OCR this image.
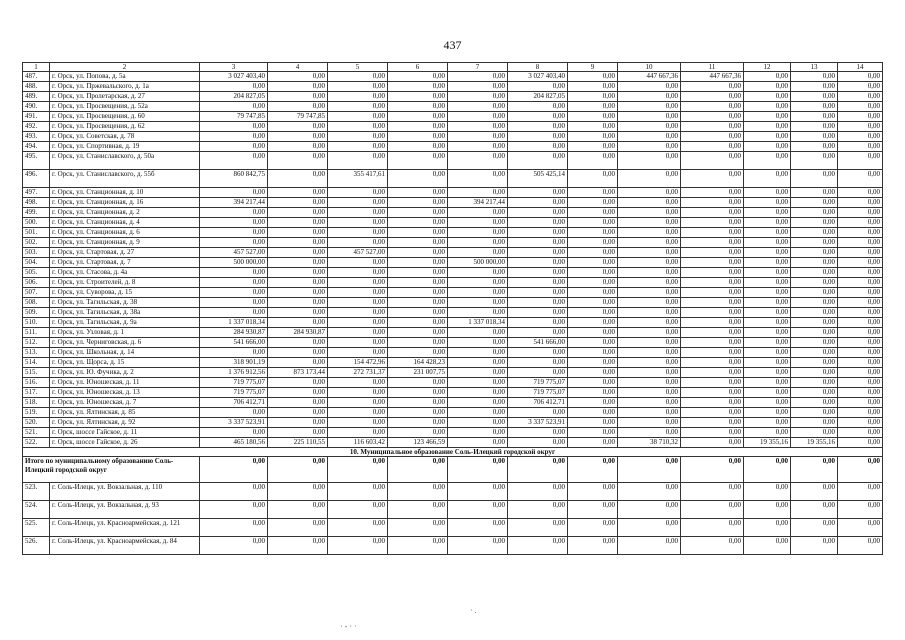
437
1	2	3	4	5	6	7	8	9	10	11	12	13	14
487.	г. Орск, ул. Попова, д. 5а	3 027 403,40	0,00	0,00	0,00	0,00	3 027 403,40	0,00	447 667,36	447 667,36	0,00	0,00	0,00
488.	г. Орск, ул. Пржевальского, д. 1а	0,00	0,00	0,00	0,00	0,00	0,00	0,00	0,00	0,00	0,00	0,00	0,00
489.	г. Орск, ул. Пролетарская, д. 27	204 827,05	0,00	0,00	0,00	0,00	204 827,05	0,00	0,00	0,00	0,00	0,00	0,00
490.	г. Орск, ул. Просвещения, д. 52а	0,00	0,00	0,00	0,00	0,00	0,00	0,00	0,00	0,00	0,00	0,00	0,00
491.	г. Орск, ул. Просвещения, д. 60	79 747,85	79 747,85	0,00	0,00	0,00	0,00	0,00	0,00	0,00	0,00	0,00	0,00
492.	г. Орск, ул. Просвещения, д. 62	0,00	0,00	0,00	0,00	0,00	0,00	0,00	0,00	0,00	0,00	0,00	0,00
493.	г. Орск, ул. Советская, д. 78	0,00	0,00	0,00	0,00	0,00	0,00	0,00	0,00	0,00	0,00	0,00	0,00
494.	г. Орск, ул. Спортивная, д. 19	0,00	0,00	0,00	0,00	0,00	0,00	0,00	0,00	0,00	0,00	0,00	0,00
495.	г. Орск, ул. Станиславского, д. 50а	0,00	0,00	0,00	0,00	0,00	0,00	0,00	0,00	0,00	0,00	0,00	0,00
496.	г. Орск, ул. Станиславского, д. 55б	860 842,75	0,00	355 417,61	0,00	0,00	505 425,14	0,00	0,00	0,00	0,00	0,00	0,00
497.	г. Орск, ул. Станционная, д. 10	0,00	0,00	0,00	0,00	0,00	0,00	0,00	0,00	0,00	0,00	0,00	0,00
498.	г. Орск, ул. Станционная, д. 16	394 217,44	0,00	0,00	0,00	394 217,44	0,00	0,00	0,00	0,00	0,00	0,00	0,00
499.	г. Орск, ул. Станционная, д. 2	0,00	0,00	0,00	0,00	0,00	0,00	0,00	0,00	0,00	0,00	0,00	0,00
500.	г. Орск, ул. Станционная, д. 4	0,00	0,00	0,00	0,00	0,00	0,00	0,00	0,00	0,00	0,00	0,00	0,00
501.	г. Орск, ул. Станционная, д. 6	0,00	0,00	0,00	0,00	0,00	0,00	0,00	0,00	0,00	0,00	0,00	0,00
502.	г. Орск, ул. Станционная, д. 9	0,00	0,00	0,00	0,00	0,00	0,00	0,00	0,00	0,00	0,00	0,00	0,00
503.	г. Орск, ул. Стартовая, д. 27	457 527,00	0,00	457 527,00	0,00	0,00	0,00	0,00	0,00	0,00	0,00	0,00	0,00
504.	г. Орск, ул. Стартовая, д. 7	500 000,00	0,00	0,00	0,00	500 000,00	0,00	0,00	0,00	0,00	0,00	0,00	0,00
505.	г. Орск, ул. Стасова, д. 4а	0,00	0,00	0,00	0,00	0,00	0,00	0,00	0,00	0,00	0,00	0,00	0,00
506.	г. Орск, ул. Строителей, д. 8	0,00	0,00	0,00	0,00	0,00	0,00	0,00	0,00	0,00	0,00	0,00	0,00
507.	г. Орск, ул. Суворова, д. 15	0,00	0,00	0,00	0,00	0,00	0,00	0,00	0,00	0,00	0,00	0,00	0,00
508.	г. Орск, ул. Тагильская, д. 38	0,00	0,00	0,00	0,00	0,00	0,00	0,00	0,00	0,00	0,00	0,00	0,00
509.	г. Орск, ул. Тагильская, д. 38а	0,00	0,00	0,00	0,00	0,00	0,00	0,00	0,00	0,00	0,00	0,00	0,00
510.	г. Орск, ул. Тагильская, д. 9а	1 337 018,34	0,00	0,00	0,00	1 337 018,34	0,00	0,00	0,00	0,00	0,00	0,00	0,00
511.	г. Орск, ул. Узловая, д. 1	284 930,87	284 930,87	0,00	0,00	0,00	0,00	0,00	0,00	0,00	0,00	0,00	0,00
512.	г. Орск, ул. Черниговская, д. 6	541 666,00	0,00	0,00	0,00	0,00	541 666,00	0,00	0,00	0,00	0,00	0,00	0,00
513.	г. Орск, ул. Школьная, д. 14	0,00	0,00	0,00	0,00	0,00	0,00	0,00	0,00	0,00	0,00	0,00	0,00
514.	г. Орск, ул. Щорса, д. 15	318 901,19	0,00	154 472,96	164 428,23	0,00	0,00	0,00	0,00	0,00	0,00	0,00	0,00
515.	г. Орск, ул. Ю. Фучика, д. 2	1 376 912,56	873 173,44	272 731,37	231 007,75	0,00	0,00	0,00	0,00	0,00	0,00	0,00	0,00
516.	г. Орск, ул. Юношеская, д. 11	719 775,07	0,00	0,00	0,00	0,00	719 775,07	0,00	0,00	0,00	0,00	0,00	0,00
517.	г. Орск, ул. Юношеская, д. 13	719 775,07	0,00	0,00	0,00	0,00	719 775,07	0,00	0,00	0,00	0,00	0,00	0,00
518.	г. Орск, ул. Юношеская, д. 7	706 412,71	0,00	0,00	0,00	0,00	706 412,71	0,00	0,00	0,00	0,00	0,00	0,00
519.	г. Орск, ул. Ялтинская, д. 85	0,00	0,00	0,00	0,00	0,00	0,00	0,00	0,00	0,00	0,00	0,00	0,00
520.	г. Орск, ул. Ялтинская, д. 92	3 337 523,91	0,00	0,00	0,00	0,00	3 337 523,91	0,00	0,00	0,00	0,00	0,00	0,00
521.	г. Орск, шоссе Гайское, д. 11	0,00	0,00	0,00	0,00	0,00	0,00	0,00	0,00	0,00	0,00	0,00	0,00
522.	г. Орск, шоссе Гайское, д. 26	465 180,56	225 110,55	116 603,42	123 466,59	0,00	0,00	0,00	38 710,32	0,00	19 355,16	19 355,16	0,00
10. Муниципальное образование Соль-Илецкий городской округ													
Итого по муниципальному образованию Соль-Илецкий городской округ		0,00	0,00	0,00	0,00	0,00	0,00	0,00	0,00	0,00	0,00	0,00	0,00
523.	г. Соль-Илецк, ул. Вокзальная, д. 110	0,00	0,00	0,00	0,00	0,00	0,00	0,00	0,00	0,00	0,00	0,00	0,00
524.	г. Соль-Илецк, ул. Вокзальная, д. 93	0,00	0,00	0,00	0,00	0,00	0,00	0,00	0,00	0,00	0,00	0,00	0,00
525.	г. Соль-Илецк, ул. Красноармейская, д. 121	0,00	0,00	0,00	0,00	0,00	0,00	0,00	0,00	0,00	0,00	0,00	0,00
526.	г. Соль-Илецк, ул. Красноармейская, д. 84	0,00	0,00	0,00	0,00	0,00	0,00	0,00	0,00	0,00	0,00	0,00	0,00
· .
· - · ·
